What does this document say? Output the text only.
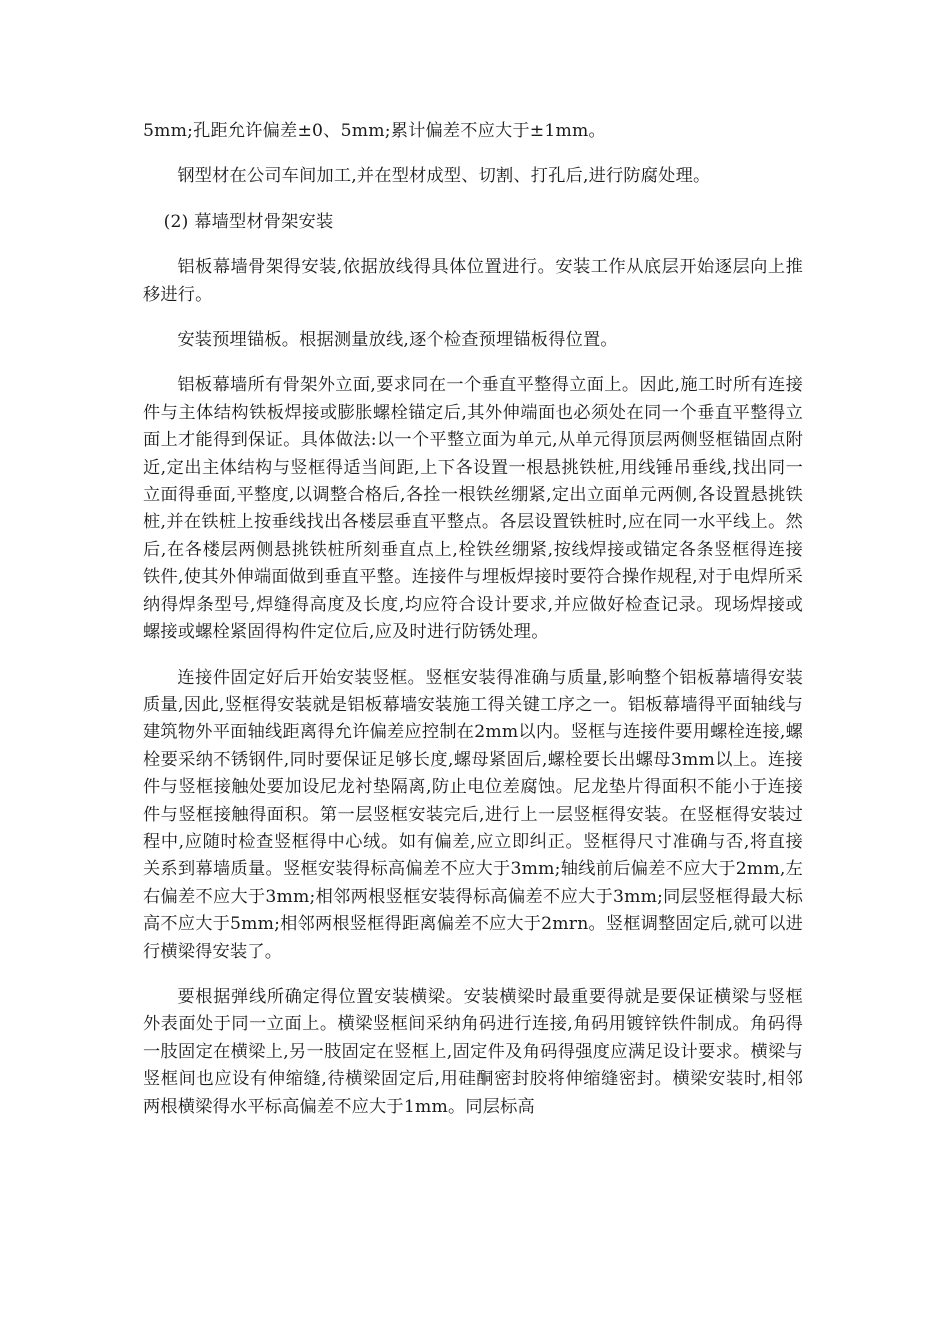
5mm;孔距允许偏差±0、5mm;累计偏差不应大于±1mm。

钢型材在公司车间加工,并在型材成型、切割、打孔后,进行防腐处理。

(2) 幕墙型材骨架安装

铝板幕墙骨架得安装,依据放线得具体位置进行。安装工作从底层开始逐层向上推移进行。

安装预埋锚板。根据测量放线,逐个检查预埋锚板得位置。

铝板幕墙所有骨架外立面,要求同在一个垂直平整得立面上。因此,施工时所有连接件与主体结构铁板焊接或膨胀螺栓锚定后,其外伸端面也必须处在同一个垂直平整得立面上才能得到保证。具体做法:以一个平整立面为单元,从单元得顶层两侧竖框锚固点附近,定出主体结构与竖框得适当间距,上下各设置一根悬挑铁桩,用线锤吊垂线,找出同一立面得垂面,平整度,以调整合格后,各拴一根铁丝绷紧,定出立面单元两侧,各设置悬挑铁桩,并在铁桩上按垂线找出各楼层垂直平整点。各层设置铁桩时,应在同一水平线上。然后,在各楼层两侧悬挑铁桩所刻垂直点上,栓铁丝绷紧,按线焊接或锚定各条竖框得连接铁件,使其外伸端面做到垂直平整。连接件与埋板焊接时要符合操作规程,对于电焊所采纳得焊条型号,焊缝得高度及长度,均应符合设计要求,并应做好检查记录。现场焊接或螺接或螺栓紧固得构件定位后,应及时进行防锈处理。

连接件固定好后开始安装竖框。竖框安装得准确与质量,影响整个铝板幕墙得安装质量,因此,竖框得安装就是铝板幕墙安装施工得关键工序之一。铝板幕墙得平面轴线与建筑物外平面轴线距离得允许偏差应控制在2mm以内。竖框与连接件要用螺栓连接,螺栓要采纳不锈钢件,同时要保证足够长度,螺母紧固后,螺栓要长出螺母3mm以上。连接件与竖框接触处要加设尼龙衬垫隔离,防止电位差腐蚀。尼龙垫片得面积不能小于连接件与竖框接触得面积。第一层竖框安装完后,进行上一层竖框得安装。在竖框得安装过程中,应随时检查竖框得中心绒。如有偏差,应立即纠正。竖框得尺寸准确与否,将直接关系到幕墙质量。竖框安装得标高偏差不应大于3mm;轴线前后偏差不应大于2mm,左右偏差不应大于3mm;相邻两根竖框安装得标高偏差不应大于3mm;同层竖框得最大标高不应大于5mm;相邻两根竖框得距离偏差不应大于2mrn。竖框调整固定后,就可以进行横梁得安装了。

要根据弹线所确定得位置安装横梁。安装横梁时最重要得就是要保证横梁与竖框外表面处于同一立面上。横梁竖框间采纳角码进行连接,角码用镀锌铁件制成。角码得一肢固定在横梁上,另一肢固定在竖框上,固定件及角码得强度应满足设计要求。横梁与竖框间也应设有伸缩缝,待横梁固定后,用硅酮密封胶将伸缩缝密封。横梁安装时,相邻两根横梁得水平标高偏差不应大于1mm。同层标高
